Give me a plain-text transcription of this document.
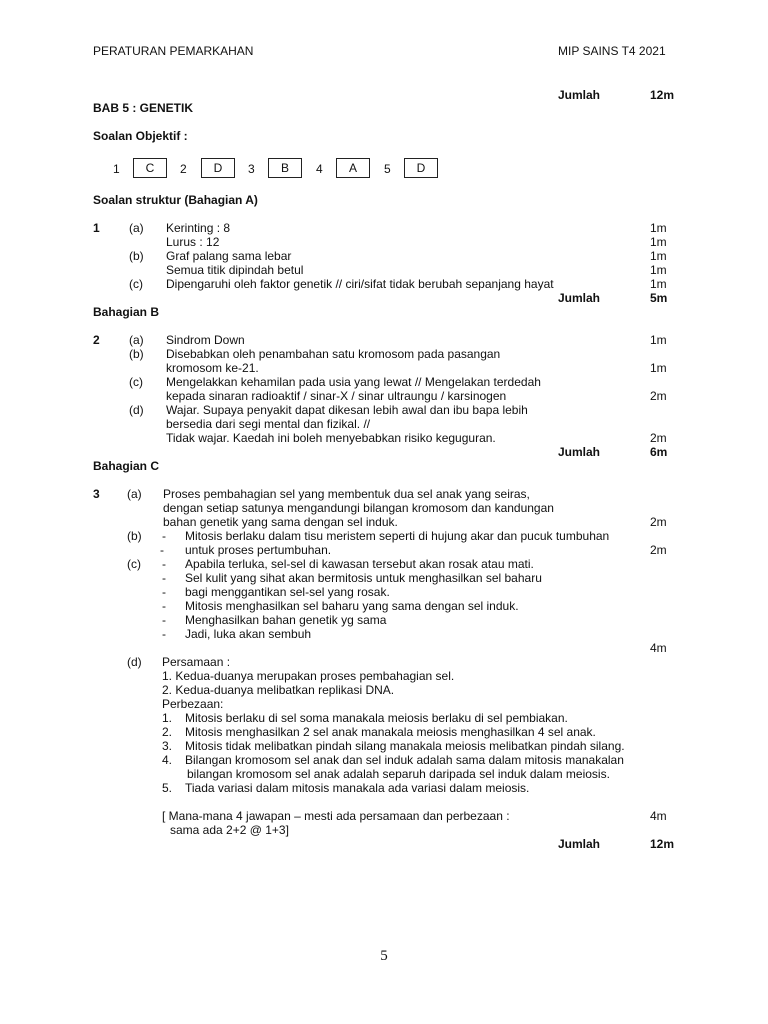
PERATURAN PEMARKAHAN	MIP SAINS T4 2021
Jumlah	12m
BAB 5 : GENETIK
Soalan Objektif :
1	C	2	D	3	B	4	A	5	D
Soalan struktur (Bahagian A)
1 (a) Kerinting : 8	1m
Lurus : 12	1m
(b) Graf palang sama lebar	1m
Semua titik dipindah betul	1m
(c) Dipengaruhi oleh faktor genetik // ciri/sifat tidak berubah sepanjang hayat	1m
Jumlah	5m
Bahagian B
2 (a) Sindrom Down	1m
(b) Disebabkan oleh penambahan satu kromosom pada pasangan
kromosom ke-21.	1m
(c) Mengelakkan kehamilan pada usia yang lewat // Mengelakan terdedah
kepada sinaran radioaktif / sinar-X / sinar ultraungu / karsinogen	2m
(d) Wajar. Supaya penyakit dapat dikesan lebih awal dan ibu bapa lebih
bersedia dari segi mental dan fizikal. //
Tidak wajar. Kaedah ini boleh menyebabkan risiko keguguran.	2m
Jumlah	6m
Bahagian C
3 (a) Proses pembahagian sel yang membentuk dua sel anak yang seiras,
dengan setiap satunya mengandungi bilangan kromosom dan kandungan
bahan genetik yang sama dengan sel induk.	2m
(b) - Mitosis berlaku dalam tisu meristem seperti di hujung akar dan pucuk tumbuhan
- untuk proses pertumbuhan.	2m
(c) - Apabila terluka, sel-sel di kawasan tersebut akan rosak atau mati.
- Sel kulit yang sihat akan bermitosis untuk menghasilkan sel baharu
- bagi menggantikan sel-sel yang rosak.
- Mitosis menghasilkan sel baharu yang sama dengan sel induk.
- Menghasilkan bahan genetik yg sama
- Jadi, luka akan sembuh
4m
(d) Persamaan :
1. Kedua-duanya merupakan proses pembahagian sel.
2. Kedua-duanya melibatkan replikasi DNA.
Perbezaan:
1. Mitosis berlaku di sel soma manakala meiosis berlaku di sel pembiakan.
2. Mitosis menghasilkan 2 sel anak manakala meiosis menghasilkan 4 sel anak.
3. Mitosis tidak melibatkan pindah silang manakala meiosis melibatkan pindah silang.
4. Bilangan kromosom sel anak dan sel induk adalah sama dalam mitosis manakalan
bilangan kromosom sel anak adalah separuh daripada sel induk dalam meiosis.
5. Tiada variasi dalam mitosis manakala ada variasi dalam meiosis.
[ Mana-mana 4 jawapan – mesti ada persamaan dan perbezaan :	4m
sama ada 2+2 @ 1+3]
Jumlah	12m
5
